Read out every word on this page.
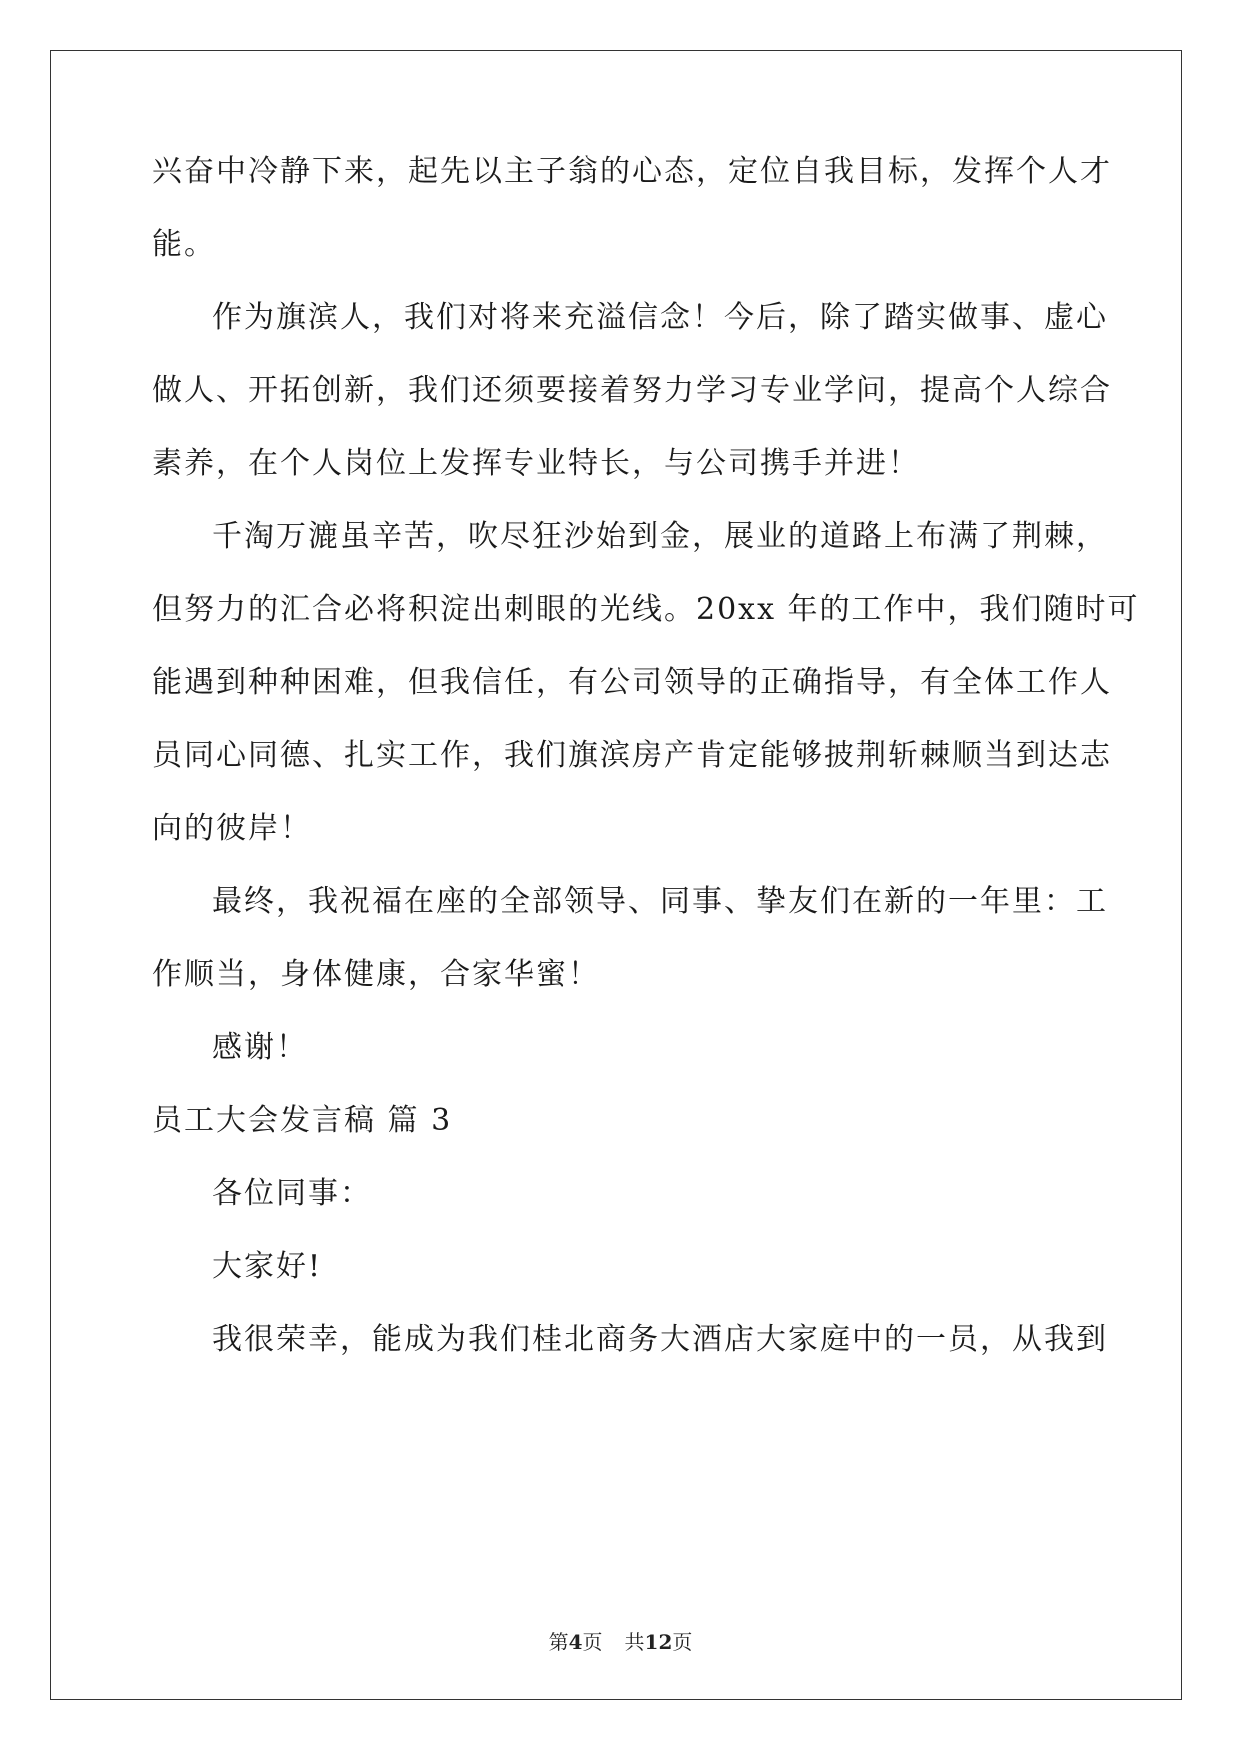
兴奋中冷静下来，起先以主子翁的心态，定位自我目标，发挥个人才
能。
作为旗滨人，我们对将来充溢信念！今后，除了踏实做事、虚心
做人、开拓创新，我们还须要接着努力学习专业学问，提高个人综合
素养，在个人岗位上发挥专业特长，与公司携手并进！
千淘万漉虽辛苦，吹尽狂沙始到金，展业的道路上布满了荆棘，
但努力的汇合必将积淀出刺眼的光线。20xx 年的工作中，我们随时可
能遇到种种困难，但我信任，有公司领导的正确指导，有全体工作人
员同心同德、扎实工作，我们旗滨房产肯定能够披荆斩棘顺当到达志
向的彼岸！
最终，我祝福在座的全部领导、同事、挚友们在新的一年里：工
作顺当，身体健康，合家华蜜！
感谢！
员工大会发言稿 篇 3
各位同事：
大家好!
我很荣幸，能成为我们桂北商务大酒店大家庭中的一员，从我到
第4页 共12页
